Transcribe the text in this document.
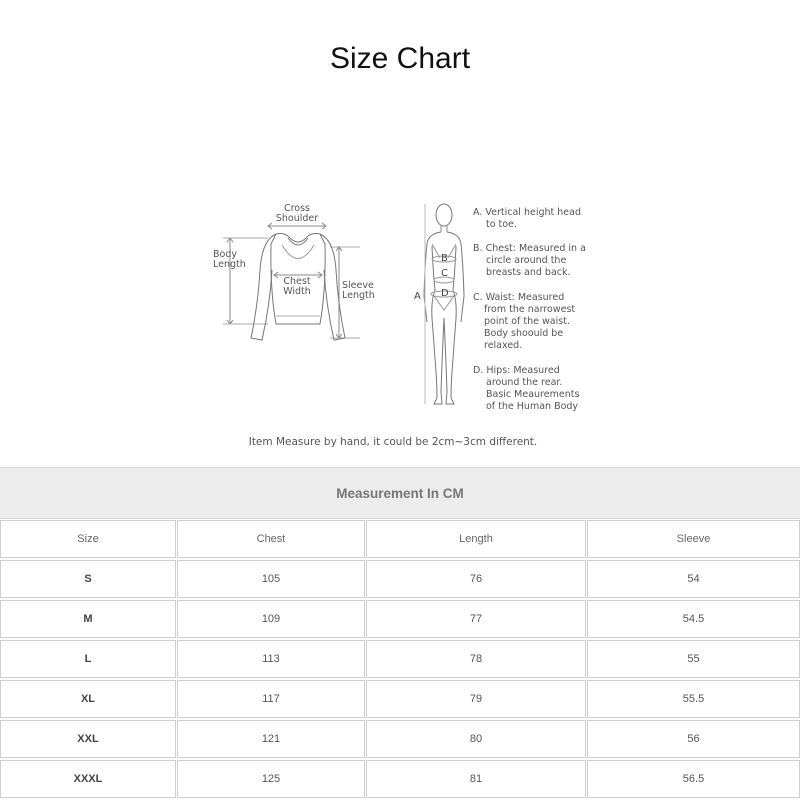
Size Chart
Cross
Shoulder
Body
Length
Chest
Width
Sleeve
Length	A
B
C
D
A. Vertical height head
to toe.
B. Chest: Measured in a
circle around the
breasts and back.
C. Waist: Measured
from the narrowest
point of the waist.
Body shoould be
relaxed.
D. Hips: Measured
around the rear.
Basic Meaurements
of the Human Body
Item Measure by hand, it could be 2cm~3cm different.
Measurement In CM
Size	Chest	Length	Sleeve
S	105	76	54
M	109	77	54.5
L	113	78	55
XL	117	79	55.5
XXL	121	80	56
XXXL	125	81	56.5
